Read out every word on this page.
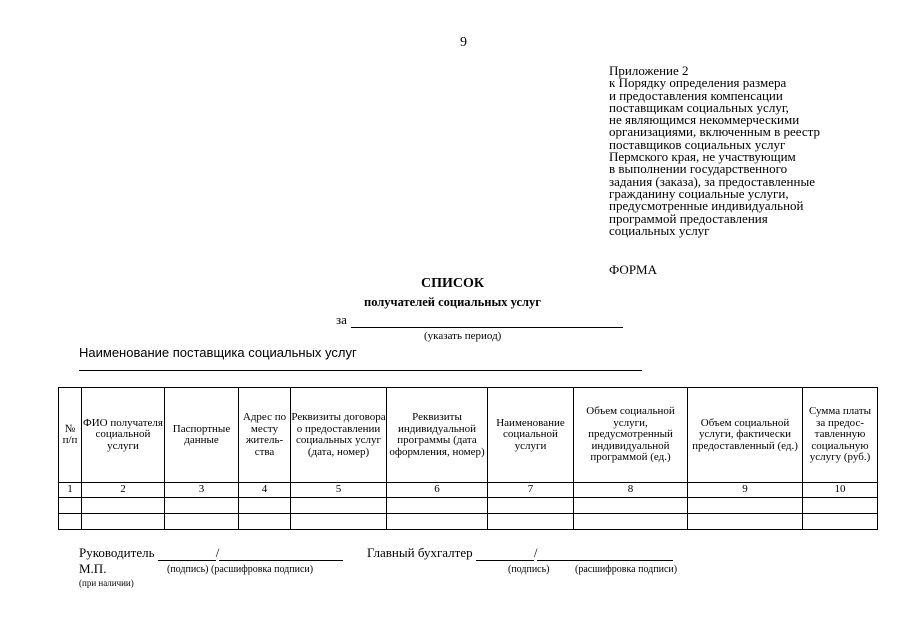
9
Приложение 2
к Порядку определения размера
и предоставления компенсации
поставщикам социальных услуг,
не являющимся некоммерческими
организациями, включенным в реестр
поставщиков социальных услуг
Пермского края, не участвующим
в выполнении государственного
задания (заказа), за предоставленные
гражданину социальные услуги,
предусмотренные индивидуальной
программой предоставления
социальных услуг
ФОРМА
СПИСОК
получателей социальных услуг
за
(указать период)
Наименование поставщика социальных услуг
№ п/п	ФИО получателя социальной услуги	Паспортные данные	Адрес по месту житель-ства	Реквизиты договора о предоставлении социальных услуг (дата, номер)	Реквизиты индивидуальной программы (дата оформления, номер)	Наименование социальной услуги	Объем социальной услуги, предусмотренный индивидуальной программой (ед.)	Объем социальной услуги, фактически предоставленный (ед.)	Сумма платы за предос-тавленную социальную услугу (руб.)
1	2	3	4	5	6	7	8	9	10

Руководитель	/	Главный бухгалтер	/
М.П.	(подпись) (расшифровка подписи)	(подпись)	(расшифровка подписи)
(при наличии)
